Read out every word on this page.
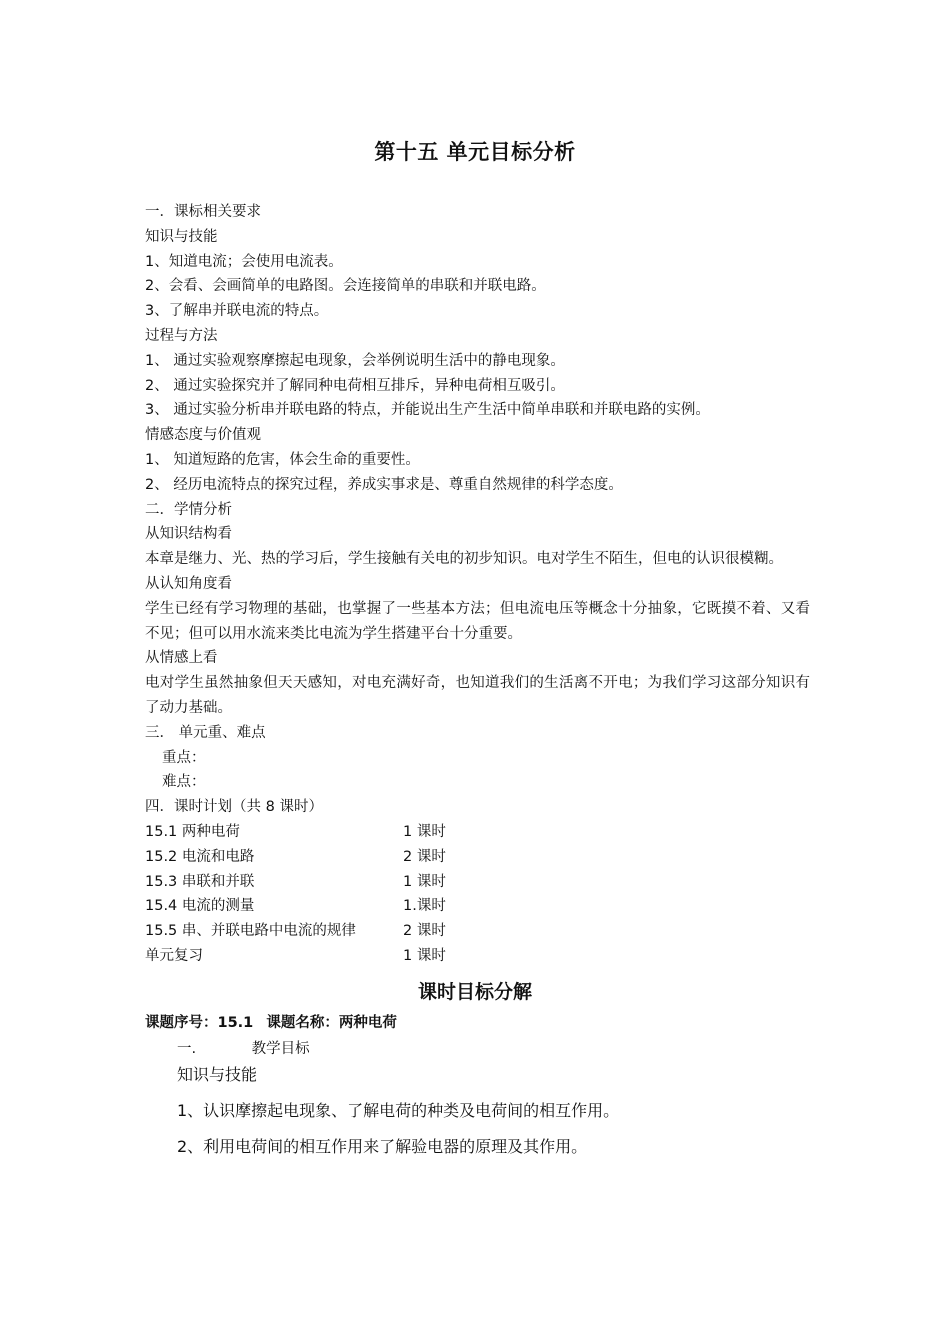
第十五 单元目标分析
一．课标相关要求
知识与技能
1、知道电流；会使用电流表。
2、会看、会画简单的电路图。会连接简单的串联和并联电路。
3、了解串并联电流的特点。
过程与方法
1、 通过实验观察摩擦起电现象，会举例说明生活中的静电现象。
2、 通过实验探究并了解同种电荷相互排斥，异种电荷相互吸引。
3、 通过实验分析串并联电路的特点，并能说出生产生活中简单串联和并联电路的实例。
情感态度与价值观
1、 知道短路的危害，体会生命的重要性。
2、 经历电流特点的探究过程，养成实事求是、尊重自然规律的科学态度。
二．学情分析
从知识结构看
本章是继力、光、热的学习后，学生接触有关电的初步知识。电对学生不陌生，但电的认识很模糊。
从认知角度看
学生已经有学习物理的基础，也掌握了一些基本方法；但电流电压等概念十分抽象，它既摸不着、又看不见；但可以用水流来类比电流为学生搭建平台十分重要。
从情感上看
电对学生虽然抽象但天天感知，对电充满好奇，也知道我们的生活离不开电；为我们学习这部分知识有了动力基础。
三． 单元重、难点
重点：
难点：
四．课时计划（共 8 课时）
15.1 两种电荷	1 课时
15.2 电流和电路	2 课时
15.3 串联和并联	1 课时
15.4 电流的测量	1.课时
15.5 串、并联电路中电流的规律	2 课时
单元复习	1 课时
课时目标分解
课题序号：15.1 课题名称：两种电荷
一.	教学目标
知识与技能
1、认识摩擦起电现象、了解电荷的种类及电荷间的相互作用。
2、利用电荷间的相互作用来了解验电器的原理及其作用。
